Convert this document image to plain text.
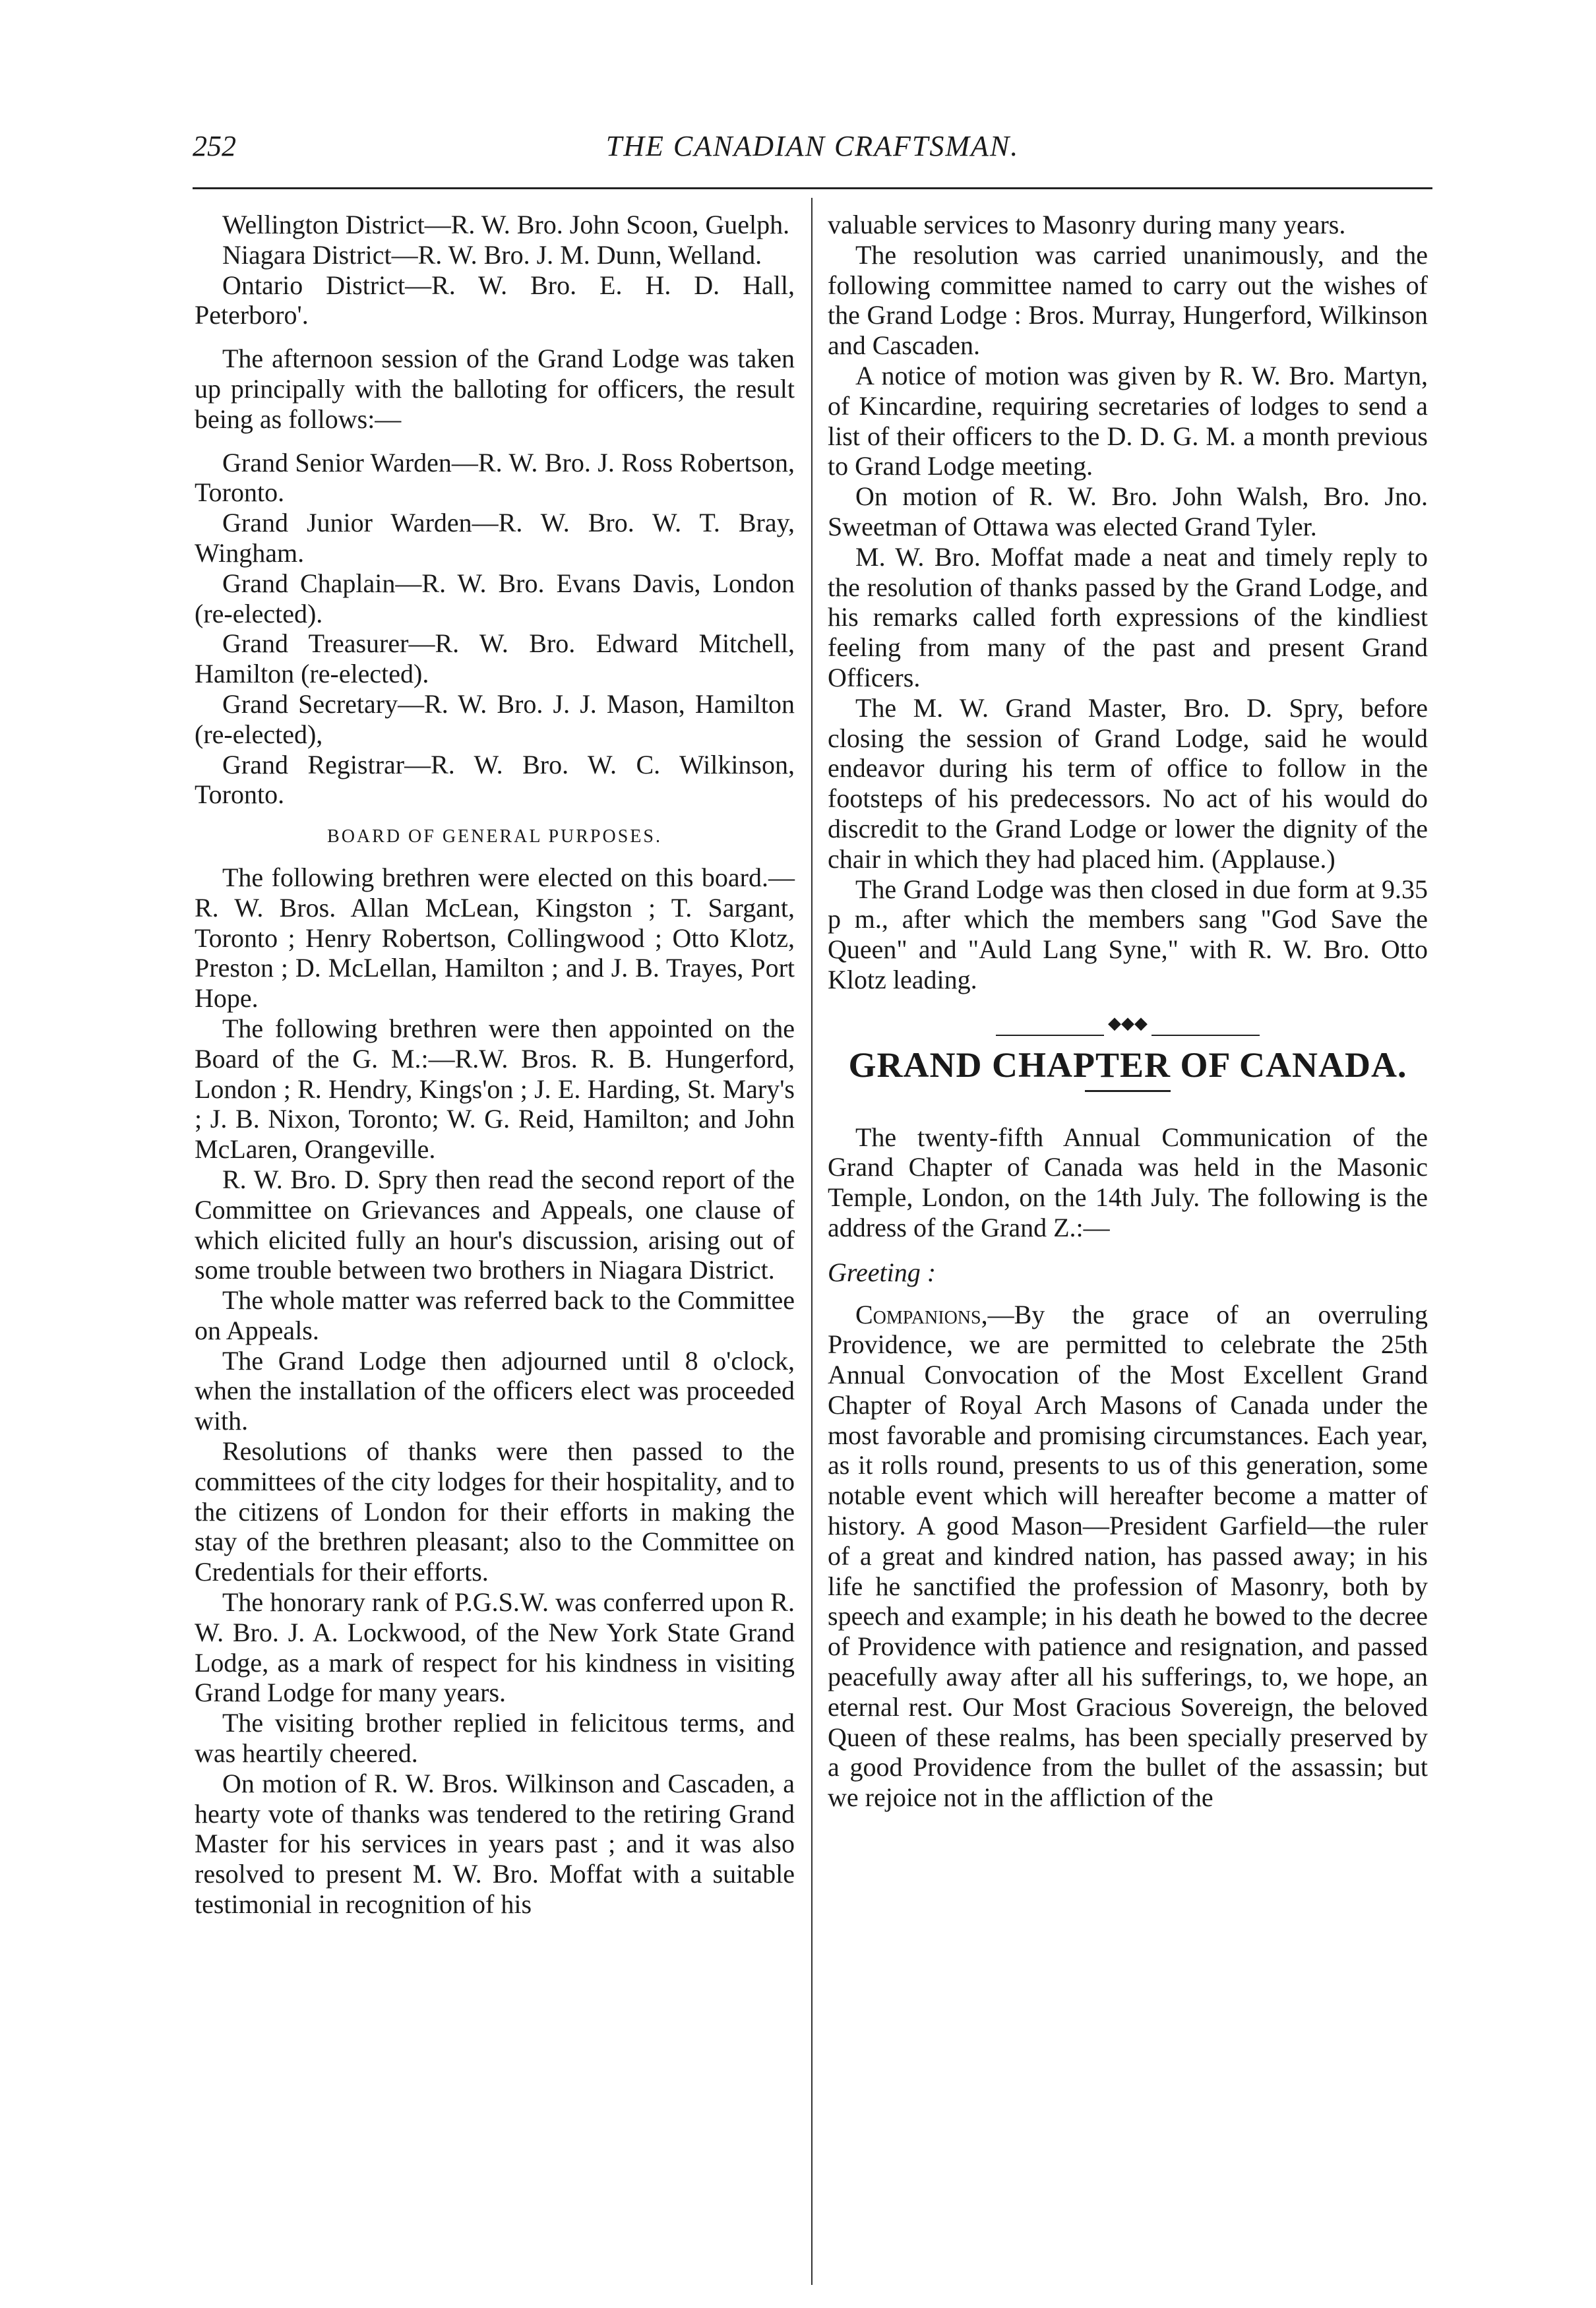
252	THE CANADIAN CRAFTSMAN.

Wellington District—R. W. Bro. John Scoon, Guelph.

Niagara District—R. W. Bro. J. M. Dunn, Welland.

Ontario District—R. W. Bro. E. H. D. Hall, Peterboro'.

The afternoon session of the Grand Lodge was taken up principally with the balloting for officers, the result being as follows:—

Grand Senior Warden—R. W. Bro. J. Ross Robertson, Toronto.

Grand Junior Warden—R. W. Bro. W. T. Bray, Wingham.

Grand Chaplain—R. W. Bro. Evans Davis, London (re-elected).

Grand Treasurer—R. W. Bro. Edward Mitchell, Hamilton (re-elected).

Grand Secretary—R. W. Bro. J. J. Mason, Hamilton (re-elected),

Grand Registrar—R. W. Bro. W. C. Wilkinson, Toronto.

BOARD OF GENERAL PURPOSES.

The following brethren were elected on this board.—R. W. Bros. Allan McLean, Kingston ; T. Sargant, Toronto ; Henry Robertson, Collingwood ; Otto Klotz, Preston ; D. McLellan, Hamilton ; and J. B. Trayes, Port Hope.

The following brethren were then appointed on the Board of the G. M.:—R.W. Bros. R. B. Hungerford, London ; R. Hendry, Kings'on ; J. E. Harding, St. Mary's ; J. B. Nixon, Toronto; W. G. Reid, Hamilton; and John McLaren, Orangeville.

R. W. Bro. D. Spry then read the second report of the Committee on Grievances and Appeals, one clause of which elicited fully an hour's discussion, arising out of some trouble between two brothers in Niagara District.

The whole matter was referred back to the Committee on Appeals.

The Grand Lodge then adjourned until 8 o'clock, when the installation of the officers elect was proceeded with.

Resolutions of thanks were then passed to the committees of the city lodges for their hospitality, and to the citizens of London for their efforts in making the stay of the brethren pleasant; also to the Committee on Credentials for their efforts.

The honorary rank of P.G.S.W. was conferred upon R. W. Bro. J. A. Lockwood, of the New York State Grand Lodge, as a mark of respect for his kindness in visiting Grand Lodge for many years.

The visiting brother replied in felicitous terms, and was heartily cheered.

On motion of R. W. Bros. Wilkinson and Cascaden, a hearty vote of thanks was tendered to the retiring Grand Master for his services in years past ; and it was also resolved to present M. W. Bro. Moffat with a suitable testimonial in recognition of his

valuable services to Masonry during many years.

The resolution was carried unanimously, and the following committee named to carry out the wishes of the Grand Lodge : Bros. Murray, Hungerford, Wilkinson and Cascaden.

A notice of motion was given by R. W. Bro. Martyn, of Kincardine, requiring secretaries of lodges to send a list of their officers to the D. D. G. M. a month previous to Grand Lodge meeting.

On motion of R. W. Bro. John Walsh, Bro. Jno. Sweetman of Ottawa was elected Grand Tyler.

M. W. Bro. Moffat made a neat and timely reply to the resolution of thanks passed by the Grand Lodge, and his remarks called forth expressions of the kindliest feeling from many of the past and present Grand Officers.

The M. W. Grand Master, Bro. D. Spry, before closing the session of Grand Lodge, said he would endeavor during his term of office to follow in the footsteps of his predecessors. No act of his would do discredit to the Grand Lodge or lower the dignity of the chair in which they had placed him. (Applause.)

The Grand Lodge was then closed in due form at 9.35 p m., after which the members sang "God Save the Queen" and "Auld Lang Syne," with R. W. Bro. Otto Klotz leading.

◆◆◆
GRAND CHAPTER OF CANADA.

The twenty-fifth Annual Communication of the Grand Chapter of Canada was held in the Masonic Temple, London, on the 14th July. The following is the address of the Grand Z.:—

Greeting :

Companions,—By the grace of an overruling Providence, we are permitted to celebrate the 25th Annual Convocation of the Most Excellent Grand Chapter of Royal Arch Masons of Canada under the most favorable and promising circumstances. Each year, as it rolls round, presents to us of this generation, some notable event which will hereafter become a matter of history. A good Mason—President Garfield—the ruler of a great and kindred nation, has passed away; in his life he sanctified the profession of Masonry, both by speech and example; in his death he bowed to the decree of Providence with patience and resignation, and passed peacefully away after all his sufferings, to, we hope, an eternal rest. Our Most Gracious Sovereign, the beloved Queen of these realms, has been specially preserved by a good Providence from the bullet of the assassin; but we rejoice not in the affliction of the
